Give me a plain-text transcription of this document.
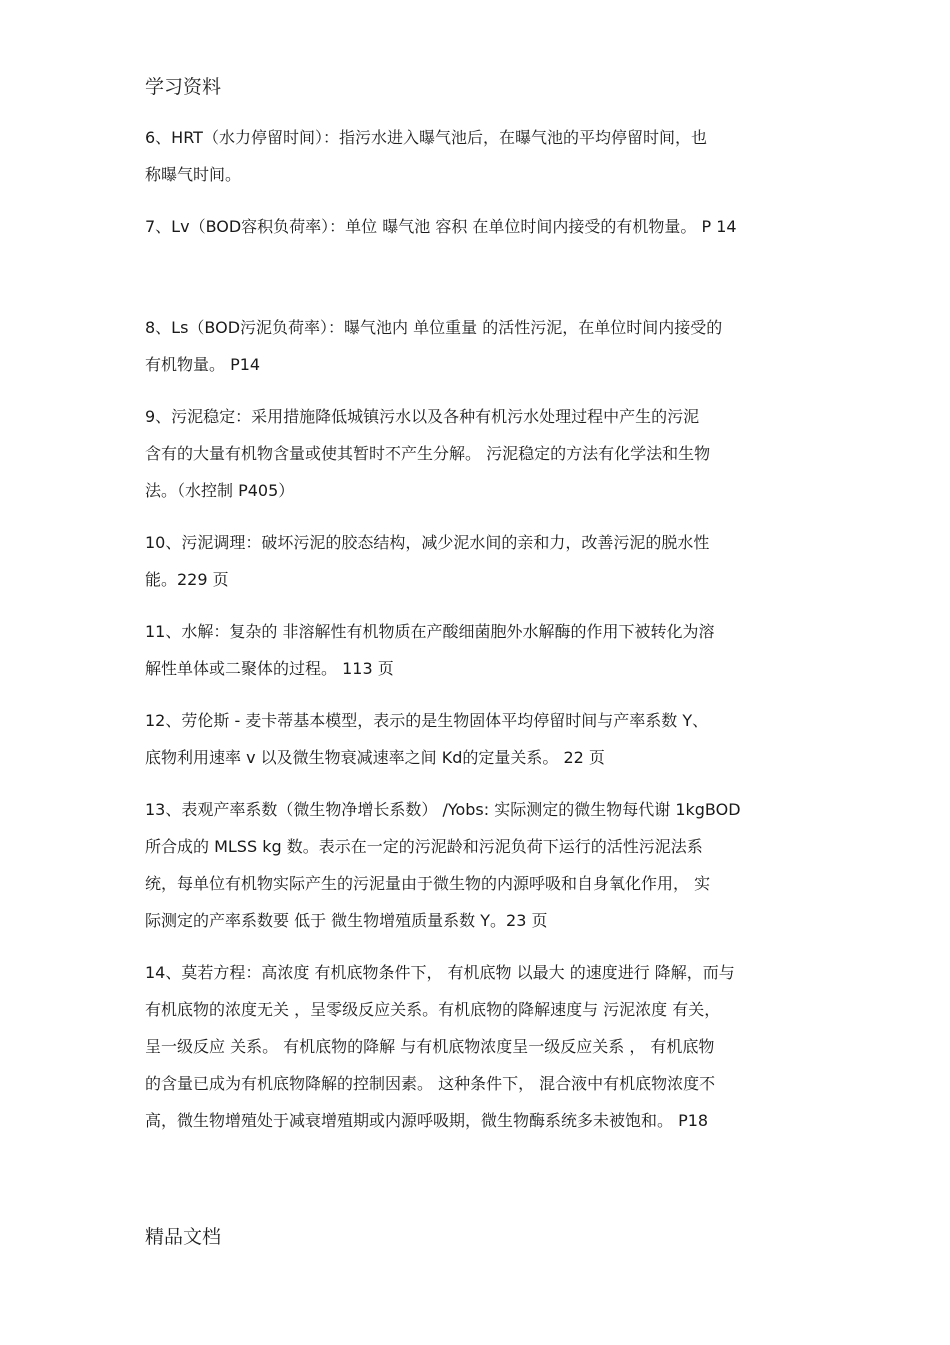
学习资料
6、HRT（水力停留时间）：指污水进入曝气池后，在曝气池的平均停留时间，也
称曝气时间。
7、Lv（BOD容积负荷率）：单位 曝气池 容积 在单位时间内接受的有机物量。 P 14
8、Ls（BOD污泥负荷率）：曝气池内 单位重量 的活性污泥，在单位时间内接受的
有机物量。 P14
9、污泥稳定：采用措施降低城镇污水以及各种有机污水处理过程中产生的污泥
含有的大量有机物含量或使其暂时不产生分解。 污泥稳定的方法有化学法和生物
法。（水控制 P405）
10、污泥调理：破坏污泥的胶态结构，减少泥水间的亲和力，改善污泥的脱水性
能。229 页
11、水解：复杂的 非溶解性有机物质在产酸细菌胞外水解酶的作用下被转化为溶
解性单体或二聚体的过程。 113 页
12、劳伦斯 - 麦卡蒂基本模型，表示的是生物固体平均停留时间与产率系数 Y、
底物利用速率 v 以及微生物衰减速率之间 Kd的定量关系。 22 页
13、表观产率系数（微生物净增长系数） /Yobs: 实际测定的微生物每代谢 1kgBOD
所合成的 MLSS kg 数。表示在一定的污泥龄和污泥负荷下运行的活性污泥法系
统，每单位有机物实际产生的污泥量由于微生物的内源呼吸和自身氧化作用， 实
际测定的产率系数要 低于 微生物增殖质量系数 Y。23 页
14、莫若方程：高浓度 有机底物条件下， 有机底物 以最大 的速度进行 降解，而与
有机底物的浓度无关 ，呈零级反应关系。有机底物的降解速度与 污泥浓度 有关，
呈一级反应 关系。 有机底物的降解 与有机底物浓度呈一级反应关系 ， 有机底物
的含量已成为有机底物降解的控制因素。 这种条件下， 混合液中有机底物浓度不
高，微生物增殖处于减衰增殖期或内源呼吸期，微生物酶系统多未被饱和。 P18
精品文档
